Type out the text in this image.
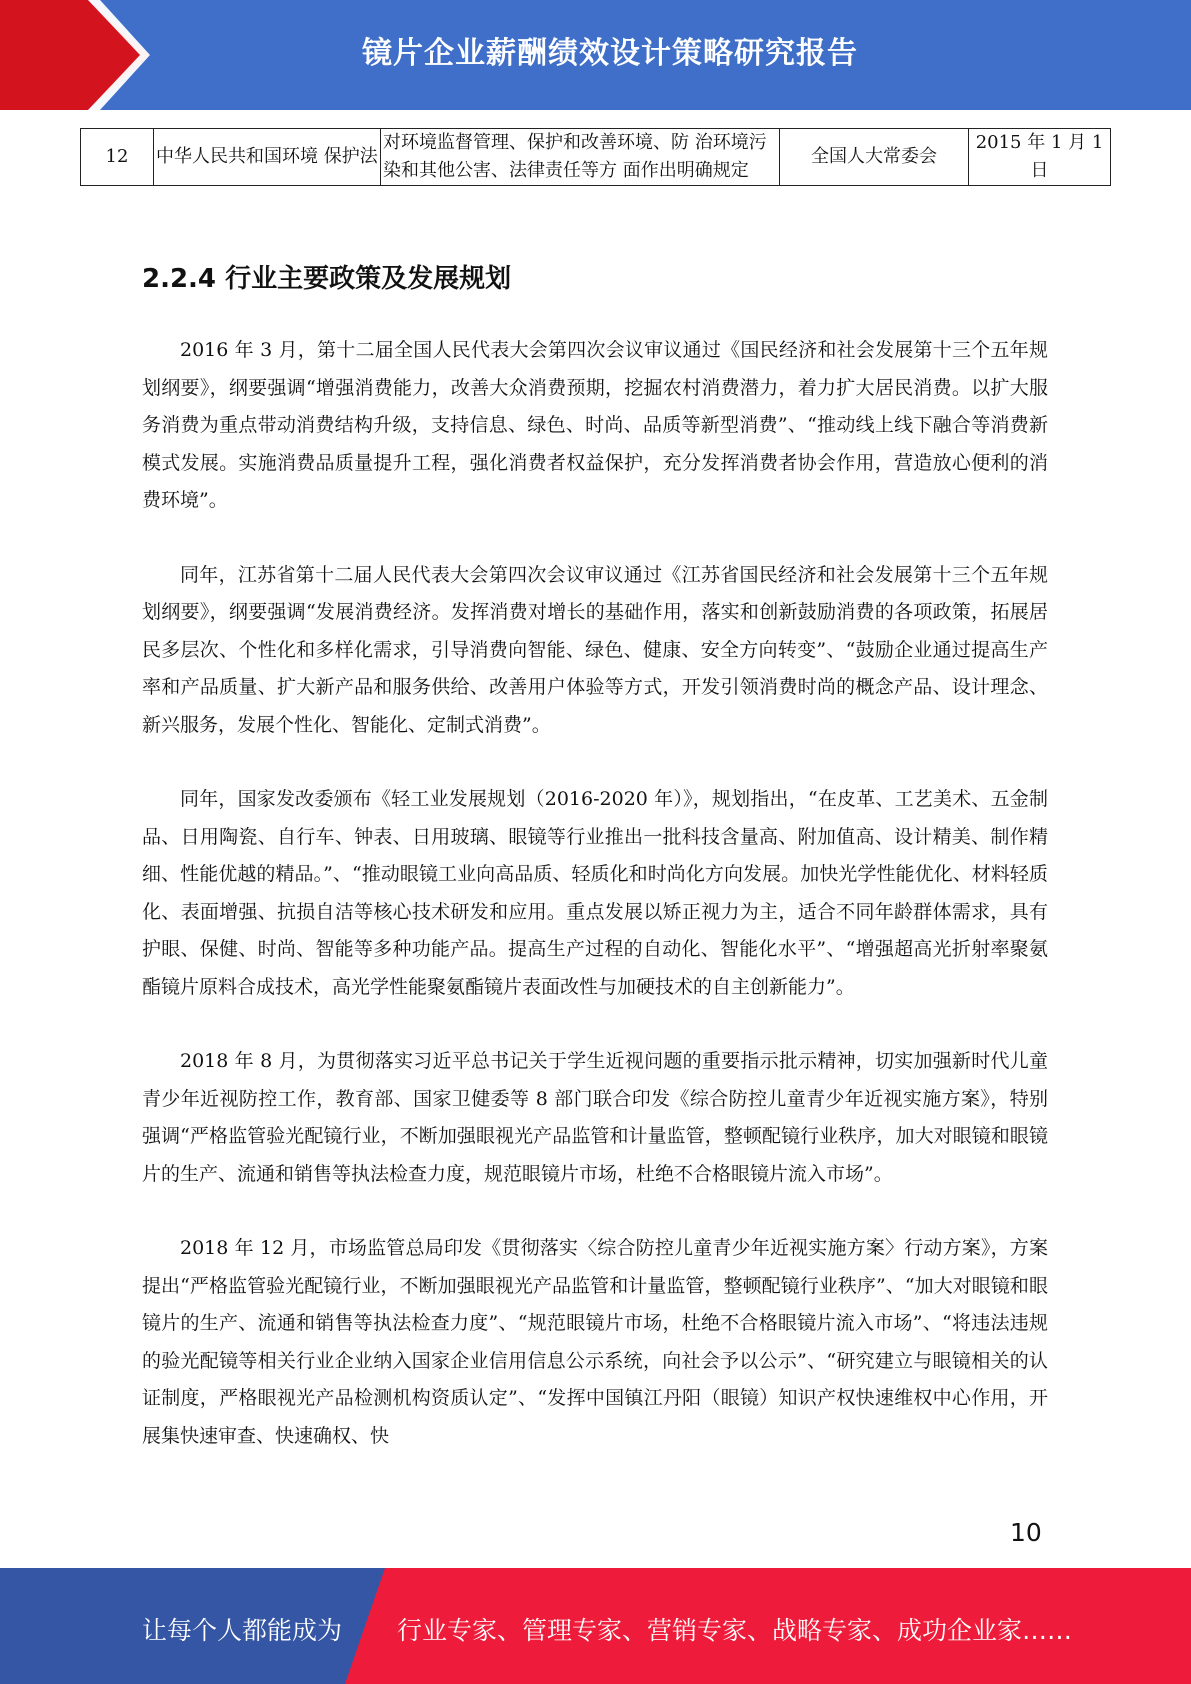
镜片企业薪酬绩效设计策略研究报告
12	中华人民共和国环境 保护法	对环境监督管理、保护和改善环境、防 治环境污染和其他公害、法律责任等方 面作出明确规定	全国人大常委会	2015 年 1 月 1 日
2.2.4 行业主要政策及发展规划

2016 年 3 月，第十二届全国人民代表大会第四次会议审议通过《国民经济和社会发展第十三个五年规划纲要》，纲要强调“增强消费能力，改善大众消费预期，挖掘农村消费潜力，着力扩大居民消费。以扩大服务消费为重点带动消费结构升级，支持信息、绿色、时尚、品质等新型消费”、“推动线上线下融合等消费新模式发展。实施消费品质量提升工程，强化消费者权益保护，充分发挥消费者协会作用，营造放心便利的消费环境”。

同年，江苏省第十二届人民代表大会第四次会议审议通过《江苏省国民经济和社会发展第十三个五年规划纲要》，纲要强调“发展消费经济。发挥消费对增长的基础作用，落实和创新鼓励消费的各项政策，拓展居民多层次、个性化和多样化需求，引导消费向智能、绿色、健康、安全方向转变”、“鼓励企业通过提高生产率和产品质量、扩大新产品和服务供给、改善用户体验等方式，开发引领消费时尚的概念产品、设计理念、新兴服务，发展个性化、智能化、定制式消费”。

同年，国家发改委颁布《轻工业发展规划（2016-2020 年）》，规划指出，“在皮革、工艺美术、五金制品、日用陶瓷、自行车、钟表、日用玻璃、眼镜等行业推出一批科技含量高、附加值高、设计精美、制作精细、性能优越的精品。”、“推动眼镜工业向高品质、轻质化和时尚化方向发展。加快光学性能优化、材料轻质化、表面增强、抗损自洁等核心技术研发和应用。重点发展以矫正视力为主，适合不同年龄群体需求，具有护眼、保健、时尚、智能等多种功能产品。提高生产过程的自动化、智能化水平”、“增强超高光折射率聚氨酯镜片原料合成技术，高光学性能聚氨酯镜片表面改性与加硬技术的自主创新能力”。

2018 年 8 月，为贯彻落实习近平总书记关于学生近视问题的重要指示批示精神，切实加强新时代儿童青少年近视防控工作，教育部、国家卫健委等 8 部门联合印发《综合防控儿童青少年近视实施方案》，特别强调“严格监管验光配镜行业，不断加强眼视光产品监管和计量监管，整顿配镜行业秩序，加大对眼镜和眼镜片的生产、流通和销售等执法检查力度，规范眼镜片市场，杜绝不合格眼镜片流入市场”。

2018 年 12 月，市场监管总局印发《贯彻落实〈综合防控儿童青少年近视实施方案〉行动方案》，方案提出“严格监管验光配镜行业，不断加强眼视光产品监管和计量监管，整顿配镜行业秩序”、“加大对眼镜和眼镜片的生产、流通和销售等执法检查力度”、“规范眼镜片市场，杜绝不合格眼镜片流入市场”、“将违法违规的验光配镜等相关行业企业纳入国家企业信用信息公示系统，向社会予以公示”、“研究建立与眼镜相关的认证制度，严格眼视光产品检测机构资质认定”、“发挥中国镇江丹阳（眼镜）知识产权快速维权中心作用，开展集快速审查、快速确权、快

10
让每个人都能成为 行业专家、管理专家、营销专家、战略专家、成功企业家……
